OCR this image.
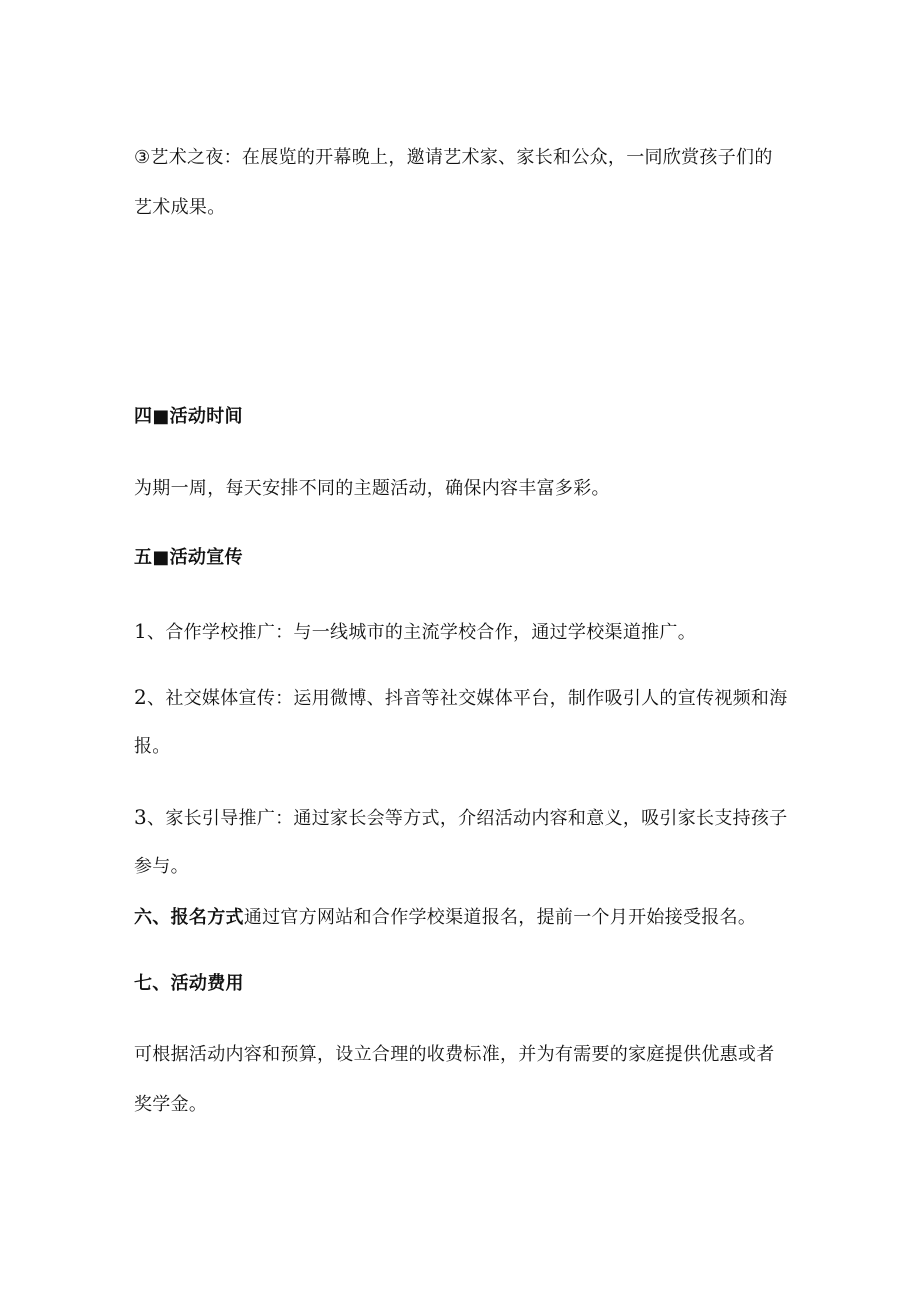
③艺术之夜：在展览的开幕晚上，邀请艺术家、家长和公众，一同欣赏孩子们的
艺术成果。
四■活动时间
为期一周，每天安排不同的主题活动，确保内容丰富多彩。
五■活动宣传
1、合作学校推广：与一线城市的主流学校合作，通过学校渠道推广。
2、社交媒体宣传：运用微博、抖音等社交媒体平台，制作吸引人的宣传视频和海
报。
3、家长引导推广：通过家长会等方式，介绍活动内容和意义，吸引家长支持孩子
参与。
六、报名方式通过官方网站和合作学校渠道报名，提前一个月开始接受报名。
七、活动费用
可根据活动内容和预算，设立合理的收费标准，并为有需要的家庭提供优惠或者
奖学金。
